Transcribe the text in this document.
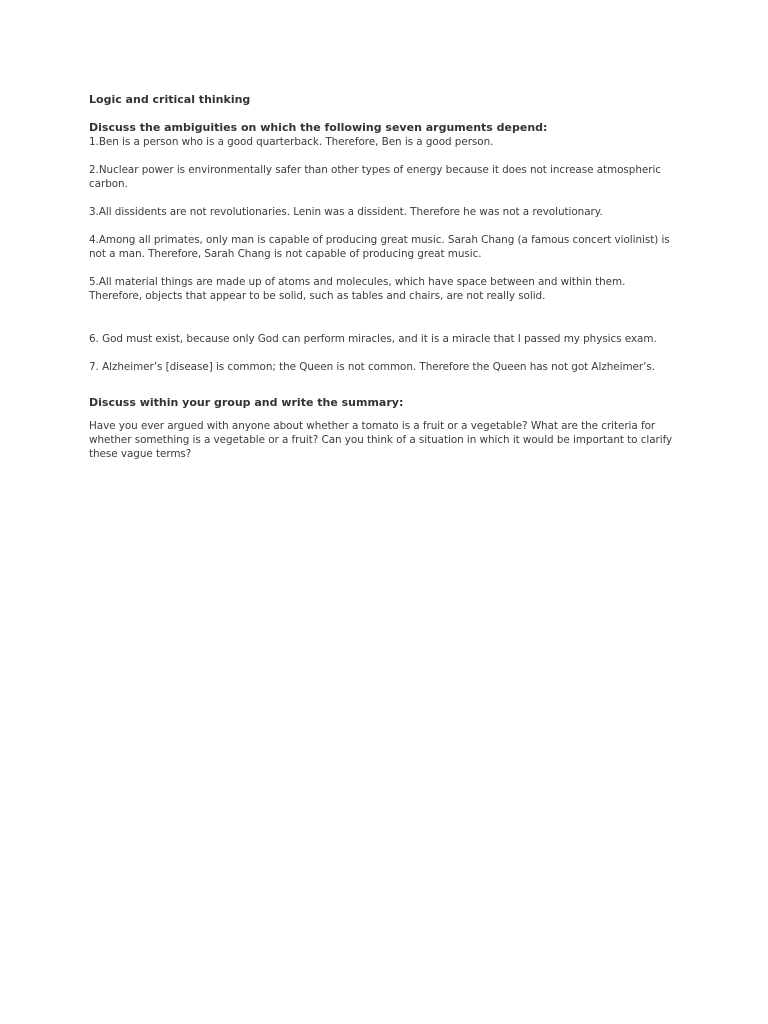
Logic and critical thinking

Discuss the ambiguities on which the following seven arguments depend:

1.Ben is a person who is a good quarterback. Therefore, Ben is a good person.

2.Nuclear power is environmentally safer than other types of energy because it does not increase atmospheric carbon.

3.All dissidents are not revolutionaries. Lenin was a dissident. Therefore he was not a revolutionary.

4.Among all primates, only man is capable of producing great music. Sarah Chang (a famous concert violinist) is not a man. Therefore, Sarah Chang is not capable of producing great music.

5.All material things are made up of atoms and molecules, which have space between and within them. Therefore, objects that appear to be solid, such as tables and chairs, are not really solid.

6. God must exist, because only God can perform miracles, and it is a miracle that I passed my physics exam.

7. Alzheimer’s [disease] is common; the Queen is not common. Therefore the Queen has not got Alzheimer’s.

Discuss within your group and write the summary:

Have you ever argued with anyone about whether a tomato is a fruit or a vegetable? What are the criteria for whether something is a vegetable or a fruit? Can you think of a situation in which it would be important to clarify these vague terms?
